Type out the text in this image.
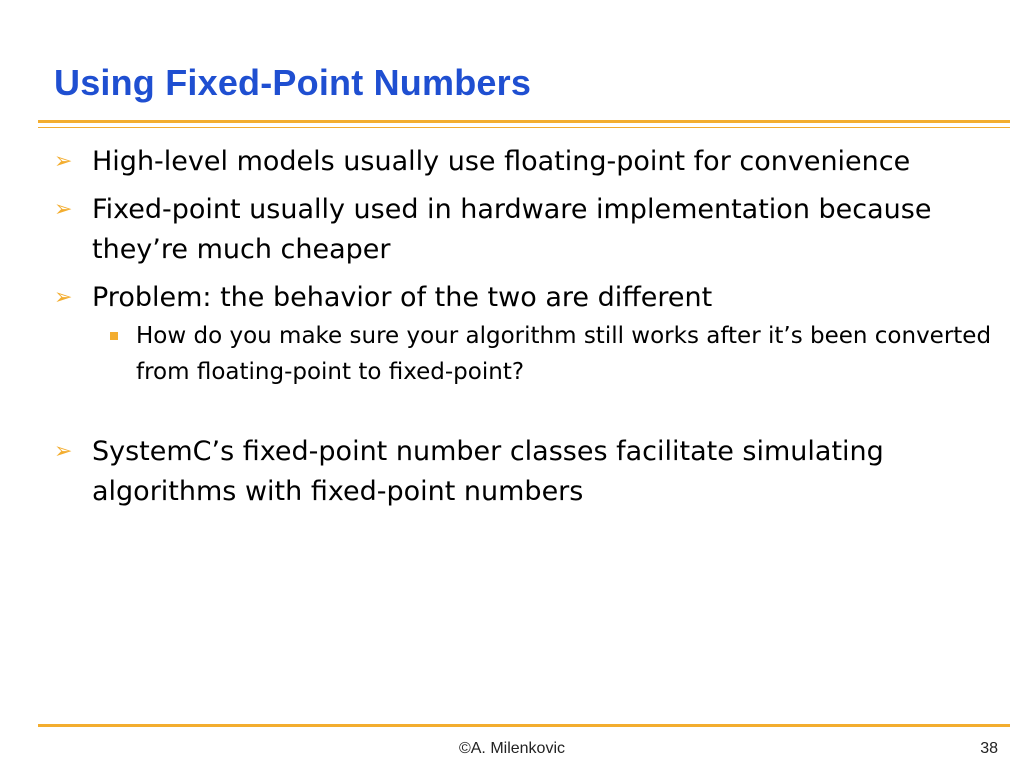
Using Fixed-Point Numbers
➢ High-level models usually use floating-point for convenience
➢ Fixed-point usually used in hardware implementation because they’re much cheaper
➢ Problem: the behavior of the two are different
How do you make sure your algorithm still works after it’s been converted from floating-point to fixed-point?
➢ SystemC’s fixed-point number classes facilitate simulating algorithms with fixed-point numbers
©A. Milenkovic	38
